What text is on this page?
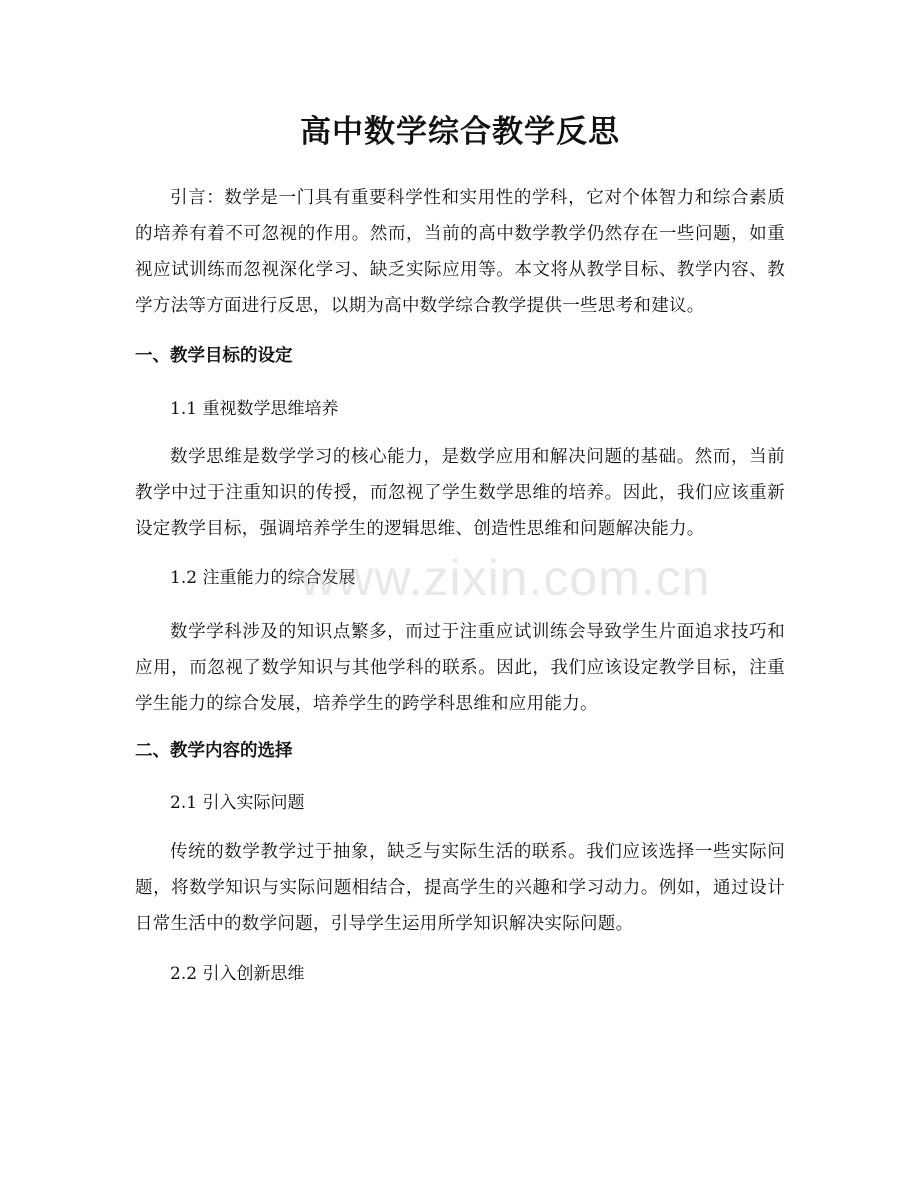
高中数学综合教学反思
引言：数学是一门具有重要科学性和实用性的学科，它对个体智力和综合素质的培养有着不可忽视的作用。然而，当前的高中数学教学仍然存在一些问题，如重视应试训练而忽视深化学习、缺乏实际应用等。本文将从教学目标、教学内容、教学方法等方面进行反思，以期为高中数学综合教学提供一些思考和建议。
一、教学目标的设定
1.1 重视数学思维培养
数学思维是数学学习的核心能力，是数学应用和解决问题的基础。然而，当前教学中过于注重知识的传授，而忽视了学生数学思维的培养。因此，我们应该重新设定教学目标，强调培养学生的逻辑思维、创造性思维和问题解决能力。
1.2 注重能力的综合发展
数学学科涉及的知识点繁多，而过于注重应试训练会导致学生片面追求技巧和应用，而忽视了数学知识与其他学科的联系。因此，我们应该设定教学目标，注重学生能力的综合发展，培养学生的跨学科思维和应用能力。
二、教学内容的选择
2.1 引入实际问题
传统的数学教学过于抽象，缺乏与实际生活的联系。我们应该选择一些实际问题，将数学知识与实际问题相结合，提高学生的兴趣和学习动力。例如，通过设计日常生活中的数学问题，引导学生运用所学知识解决实际问题。
2.2 引入创新思维
www.zixin.com.cn
